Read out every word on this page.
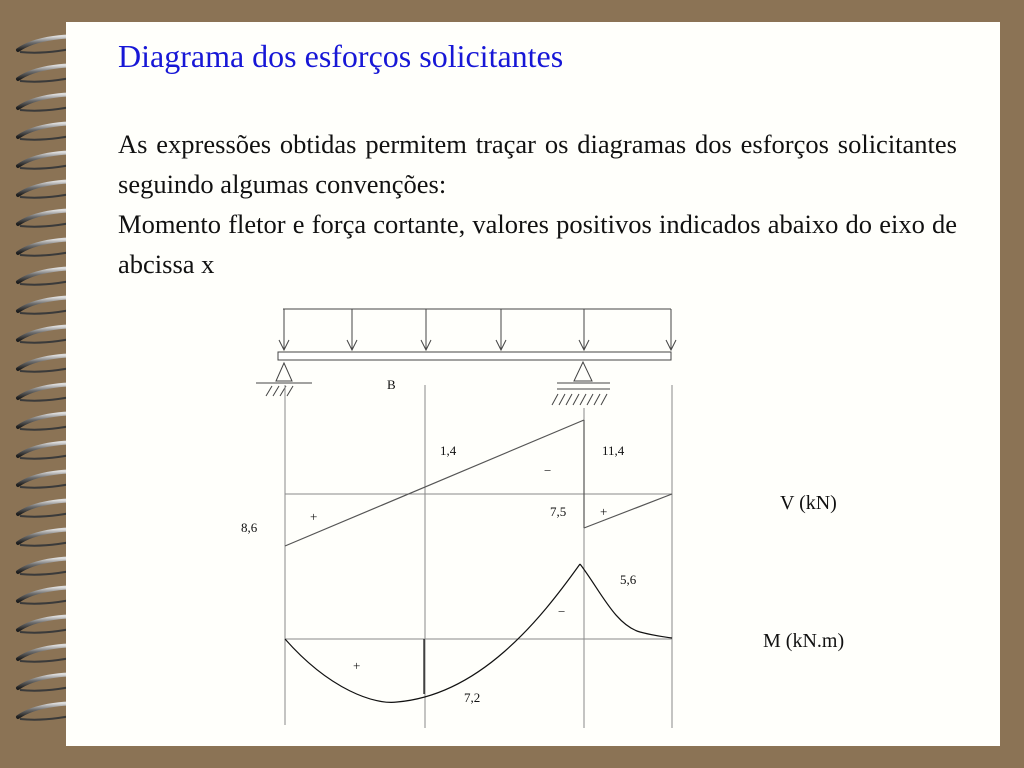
Diagrama dos esforços solicitantes

As expressões obtidas permitem traçar os diagramas dos esforços solicitantes seguindo algumas convenções:

Momento fletor e força cortante, valores positivos indicados abaixo do eixo de abcissa x

B
8,6
1,4	11,4
7,5
+
−
+	V (kN)
7,2
5,6
+
−
M (kN.m)
